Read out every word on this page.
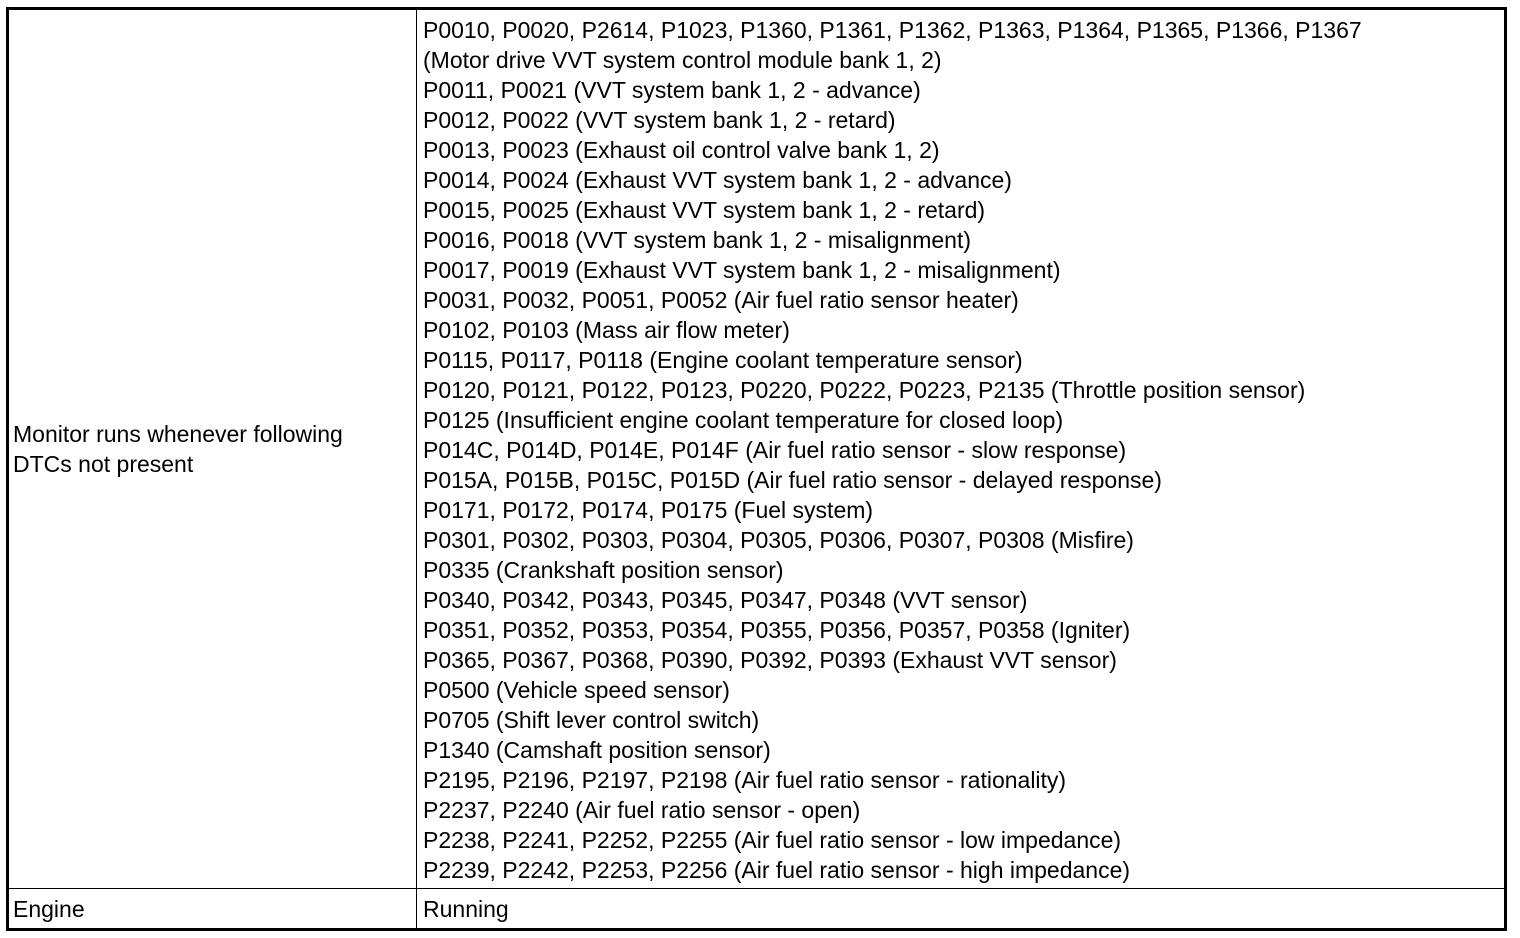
Monitor runs whenever following
DTCs not present
P0010, P0020, P2614, P1023, P1360, P1361, P1362, P1363, P1364, P1365, P1366, P1367
(Motor drive VVT system control module bank 1, 2)
P0011, P0021 (VVT system bank 1, 2 - advance)
P0012, P0022 (VVT system bank 1, 2 - retard)
P0013, P0023 (Exhaust oil control valve bank 1, 2)
P0014, P0024 (Exhaust VVT system bank 1, 2 - advance)
P0015, P0025 (Exhaust VVT system bank 1, 2 - retard)
P0016, P0018 (VVT system bank 1, 2 - misalignment)
P0017, P0019 (Exhaust VVT system bank 1, 2 - misalignment)
P0031, P0032, P0051, P0052 (Air fuel ratio sensor heater)
P0102, P0103 (Mass air flow meter)
P0115, P0117, P0118 (Engine coolant temperature sensor)
P0120, P0121, P0122, P0123, P0220, P0222, P0223, P2135 (Throttle position sensor)
P0125 (Insufficient engine coolant temperature for closed loop)
P014C, P014D, P014E, P014F (Air fuel ratio sensor - slow response)
P015A, P015B, P015C, P015D (Air fuel ratio sensor - delayed response)
P0171, P0172, P0174, P0175 (Fuel system)
P0301, P0302, P0303, P0304, P0305, P0306, P0307, P0308 (Misfire)
P0335 (Crankshaft position sensor)
P0340, P0342, P0343, P0345, P0347, P0348 (VVT sensor)
P0351, P0352, P0353, P0354, P0355, P0356, P0357, P0358 (Igniter)
P0365, P0367, P0368, P0390, P0392, P0393 (Exhaust VVT sensor)
P0500 (Vehicle speed sensor)
P0705 (Shift lever control switch)
P1340 (Camshaft position sensor)
P2195, P2196, P2197, P2198 (Air fuel ratio sensor - rationality)
P2237, P2240 (Air fuel ratio sensor - open)
P2238, P2241, P2252, P2255 (Air fuel ratio sensor - low impedance)
P2239, P2242, P2253, P2256 (Air fuel ratio sensor - high impedance)
Engine	Running
